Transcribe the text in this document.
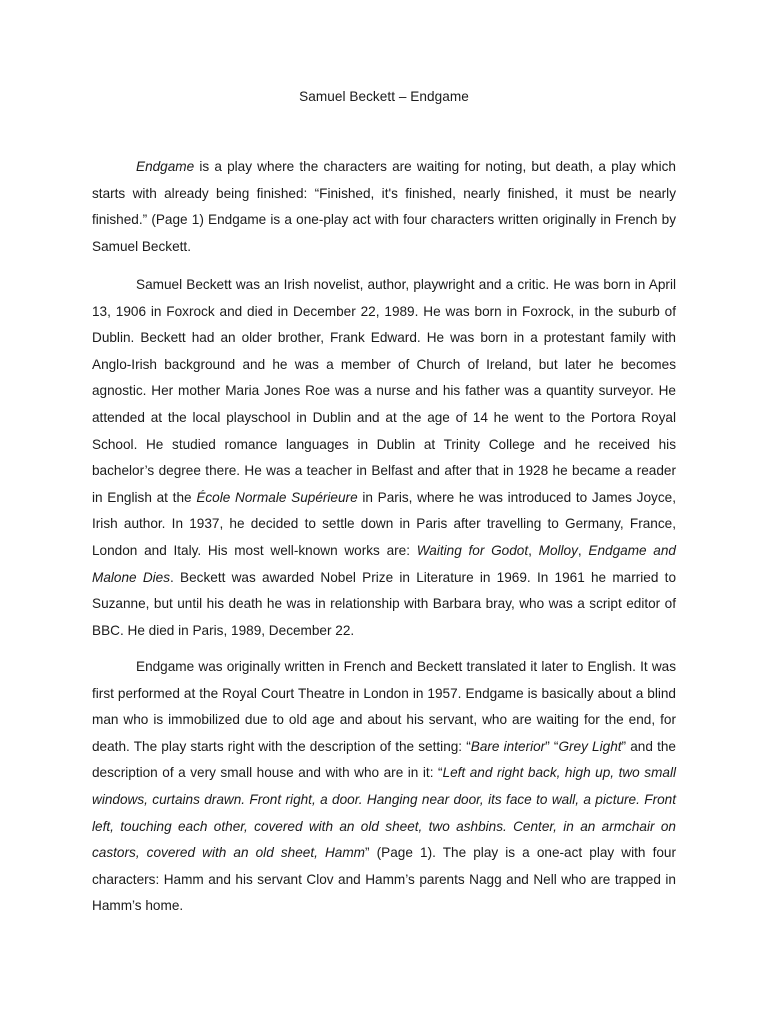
Samuel Beckett – Endgame

Endgame is a play where the characters are waiting for noting, but death, a play which starts with already being finished: “Finished, it's finished, nearly finished, it must be nearly finished.” (Page 1) Endgame is a one-play act with four characters written originally in French by Samuel Beckett.

Samuel Beckett was an Irish novelist, author, playwright and a critic. He was born in April 13, 1906 in Foxrock and died in December 22, 1989. He was born in Foxrock, in the suburb of Dublin. Beckett had an older brother, Frank Edward. He was born in a protestant family with Anglo-Irish background and he was a member of Church of Ireland, but later he becomes agnostic. Her mother Maria Jones Roe was a nurse and his father was a quantity surveyor. He attended at the local playschool in Dublin and at the age of 14 he went to the Portora Royal School. He studied romance languages in Dublin at Trinity College and he received his bachelor’s degree there. He was a teacher in Belfast and after that in 1928 he became a reader in English at the École Normale Supérieure in Paris, where he was introduced to James Joyce, Irish author. In 1937, he decided to settle down in Paris after travelling to Germany, France, London and Italy. His most well-known works are: Waiting for Godot, Molloy, Endgame and Malone Dies. Beckett was awarded Nobel Prize in Literature in 1969. In 1961 he married to Suzanne, but until his death he was in relationship with Barbara bray, who was a script editor of BBC. He died in Paris, 1989, December 22.

Endgame was originally written in French and Beckett translated it later to English. It was first performed at the Royal Court Theatre in London in 1957. Endgame is basically about a blind man who is immobilized due to old age and about his servant, who are waiting for the end, for death. The play starts right with the description of the setting: “Bare interior” “Grey Light” and the description of a very small house and with who are in it: “Left and right back, high up, two small windows, curtains drawn. Front right, a door. Hanging near door, its face to wall, a picture. Front left, touching each other, covered with an old sheet, two ashbins. Center, in an armchair on castors, covered with an old sheet, Hamm” (Page 1). The play is a one-act play with four characters: Hamm and his servant Clov and Hamm’s parents Nagg and Nell who are trapped in Hamm’s home.
